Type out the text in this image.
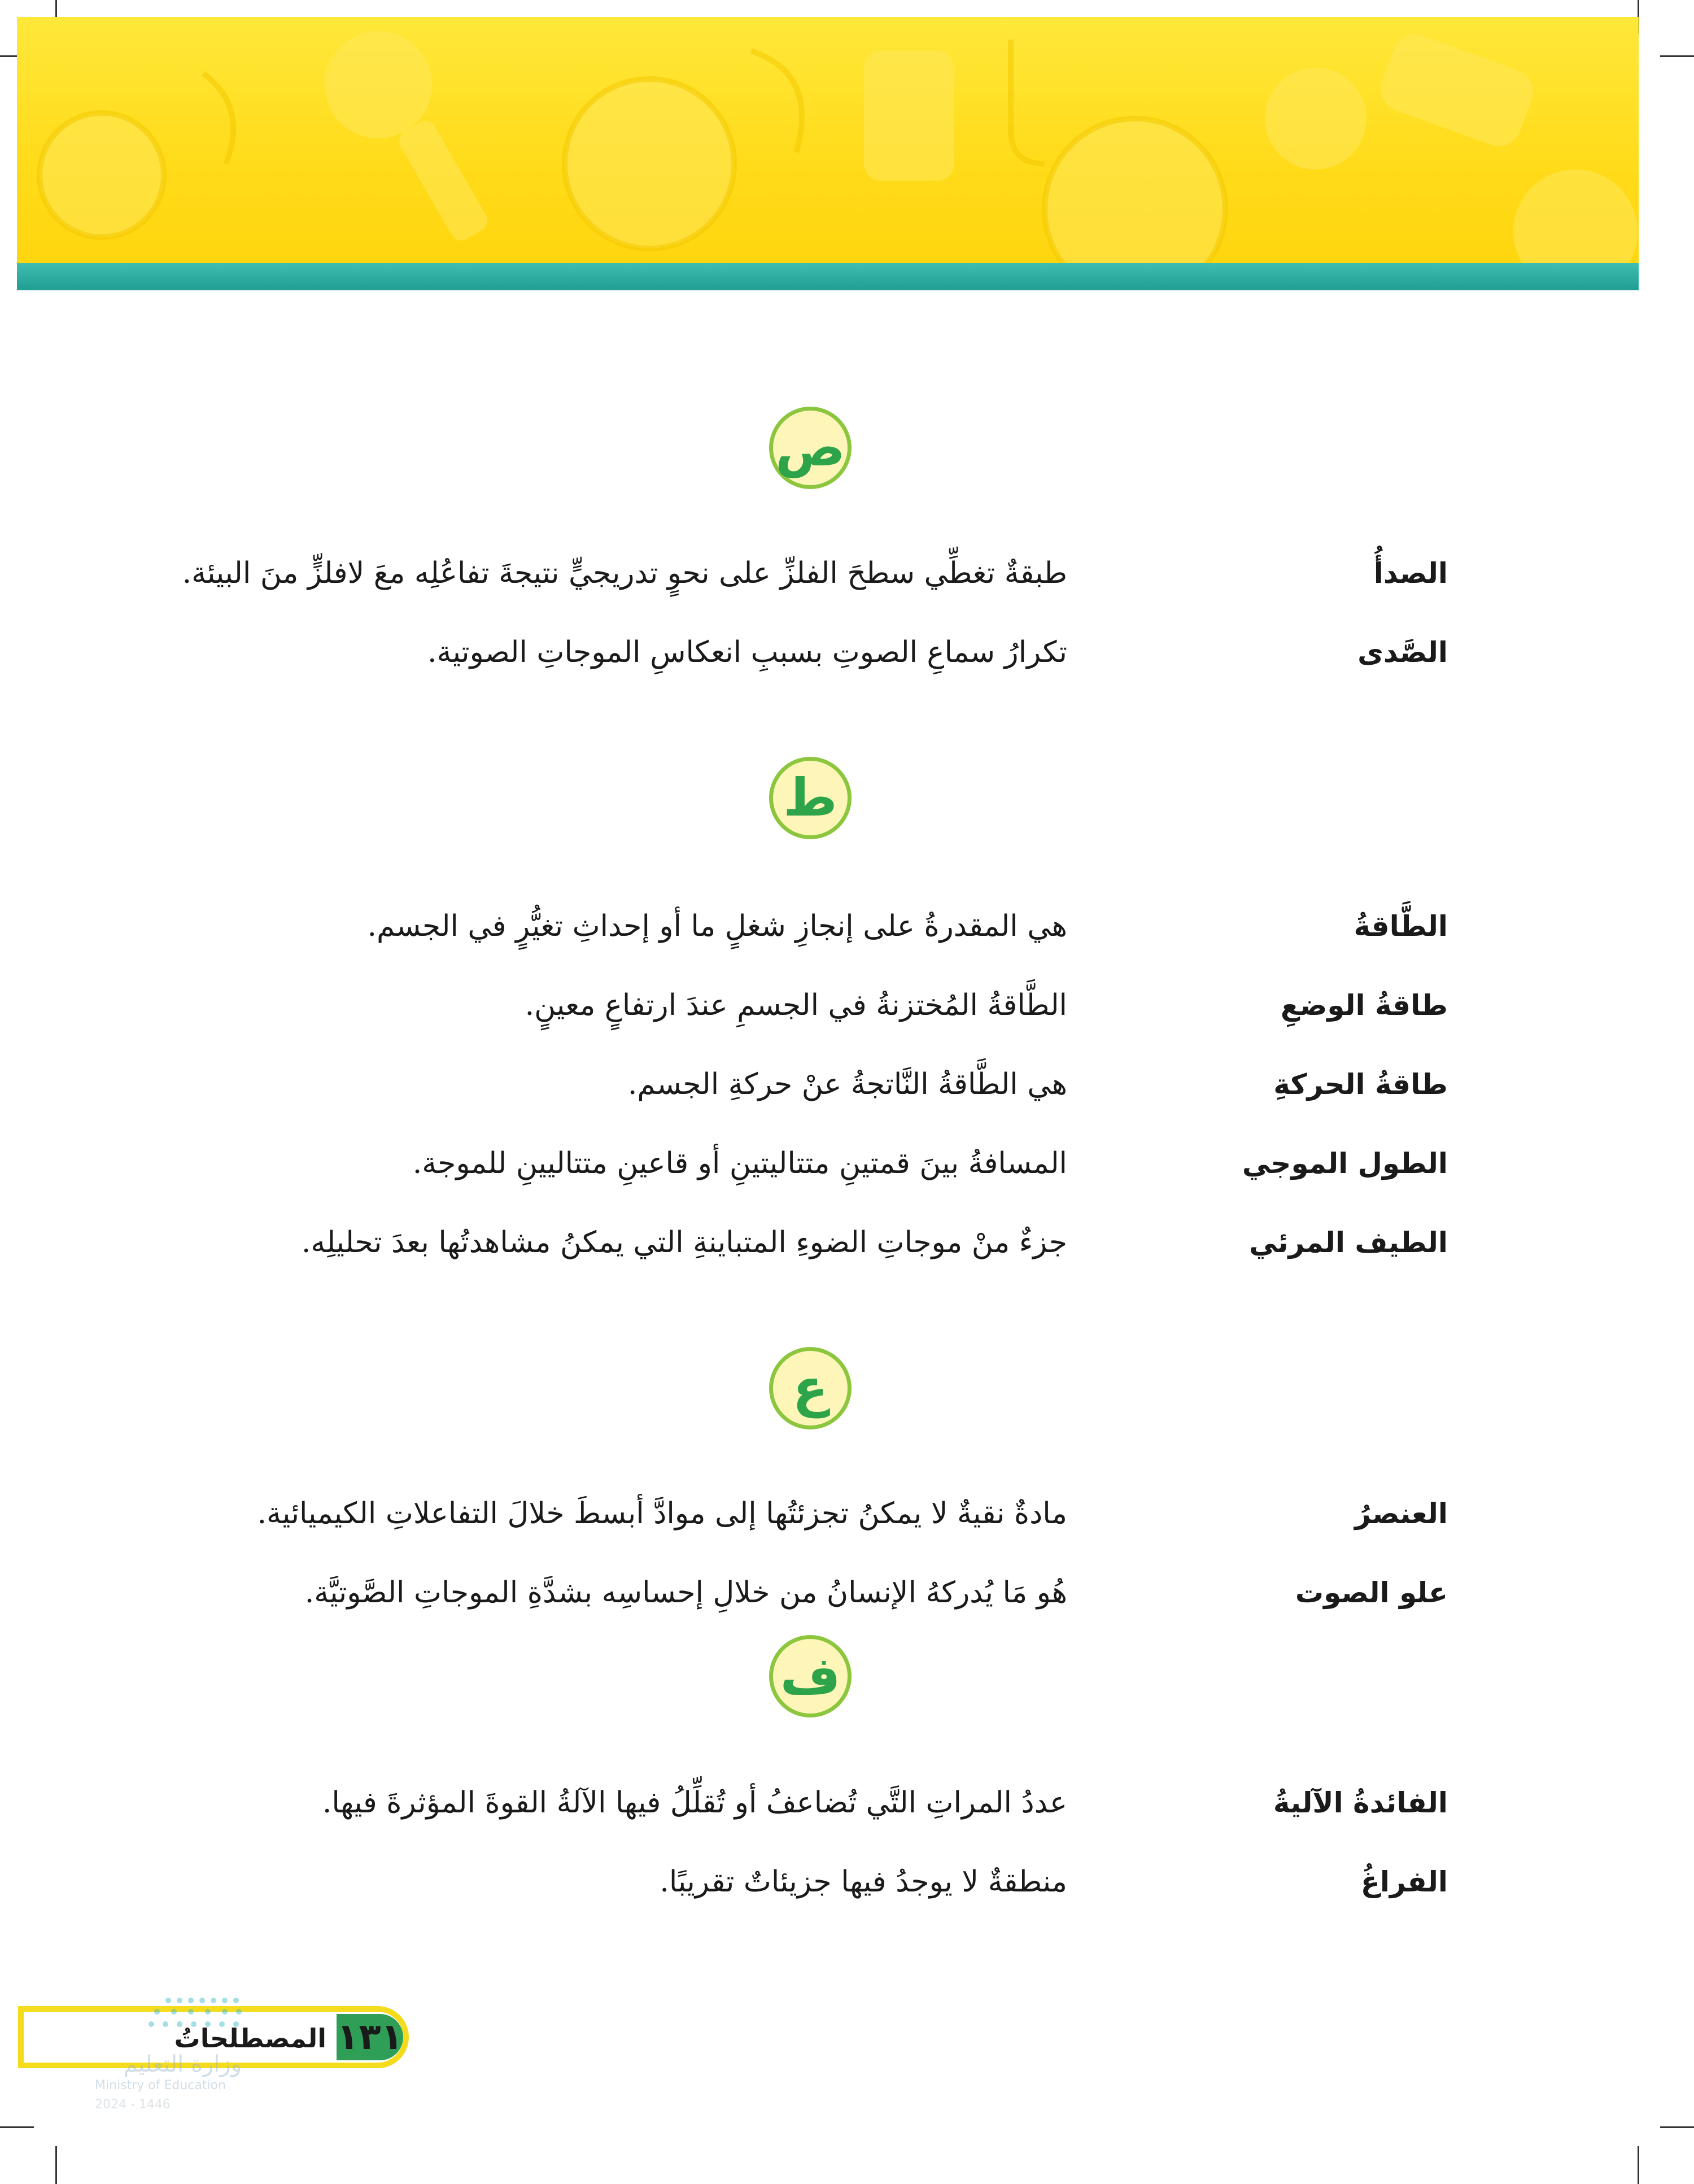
ص
الصدأُ
طبقةٌ تغطِّي سطحَ الفلزِّ على نحوٍ تدريجيٍّ نتيجةَ تفاعُلِه معَ لافلزٍّ منَ البيئة.
الصَّدى
تكرارُ سماعِ الصوتِ بسببِ انعكاسِ الموجاتِ الصوتية.
ط
الطَّاقةُ
هي المقدرةُ على إنجازِ شغلٍ ما أو إحداثِ تغيُّرٍ في الجسم.
طاقةُ الوضعِ
الطَّاقةُ المُختزنةُ في الجسمِ عندَ ارتفاعٍ معينٍ.
طاقةُ الحركةِ
هي الطَّاقةُ النَّاتجةُ عنْ حركةِ الجسم.
الطول الموجي
المسافةُ بينَ قمتينِ متتاليتينِ أو قاعينِ متتاليينِ للموجة.
الطيف المرئي
جزءٌ منْ موجاتِ الضوءِ المتباينةِ التي يمكنُ مشاهدتُها بعدَ تحليلِه.
ع
العنصرُ
مادةٌ نقيةٌ لا يمكنُ تجزئتُها إلى موادَّ أبسطَ خلالَ التفاعلاتِ الكيميائية.
علو الصوت
هُو مَا يُدركهُ الإنسانُ من خلالِ إحساسِه بشدَّةِ الموجاتِ الصَّوتيَّة.
ف
الفائدةُ الآليةُ
عددُ المراتِ التَّي تُضاعفُ أو تُقلِّلُ فيها الآلةُ القوةَ المؤثرةَ فيها.
الفراغُ
منطقةٌ لا يوجدُ فيها جزيئاتٌ تقريبًا.
وزارة التعليم
Ministry of Education
2024 - 1446
المصطلحاتُ ١٣١
